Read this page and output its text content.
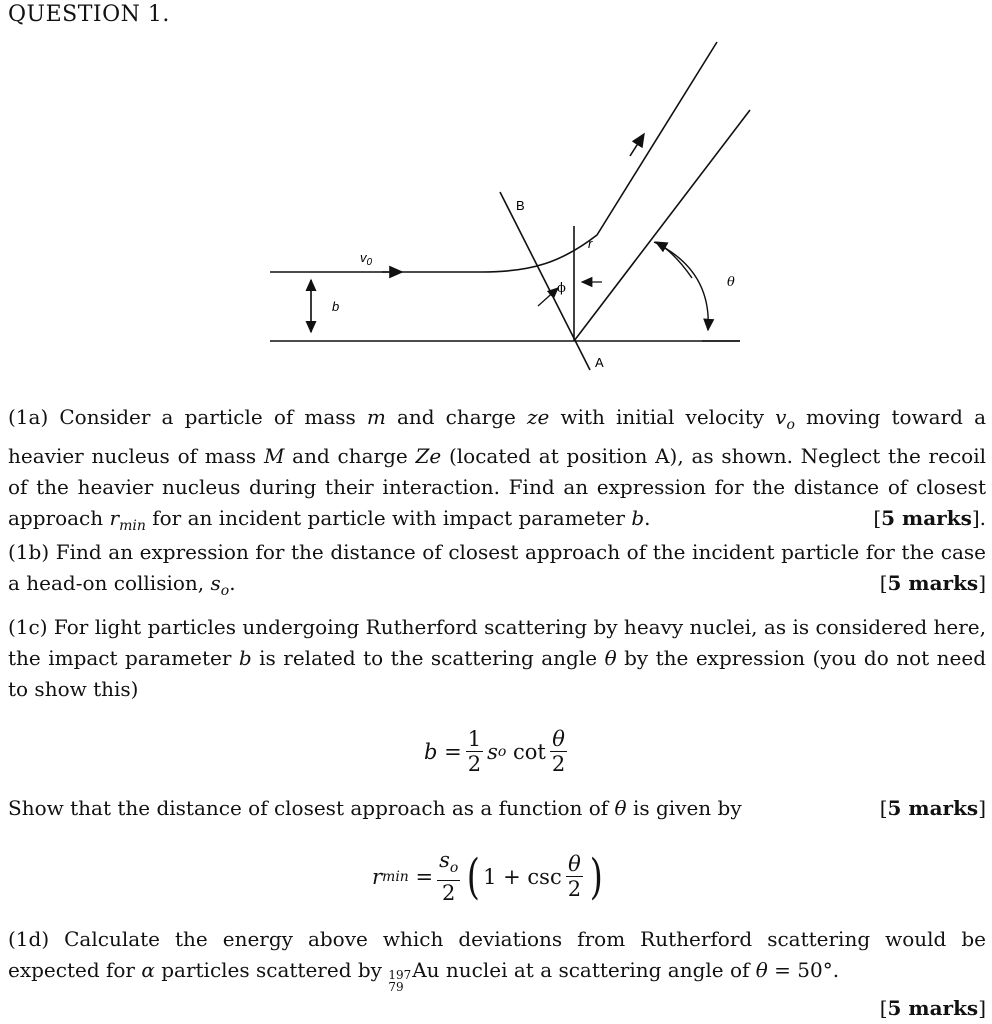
QUESTION 1.
$v_0$
b
B
r
ϕ	θ
A
(1a) Consider a particle of mass m and charge ze with initial velocity $v_o$ moving toward a heavier nucleus of mass M and charge Ze (located at position A), as shown. Neglect the recoil of the heavier nucleus during their interaction. Find an expression for the distance of closest approach $r_{min}$ for an incident particle with impact parameter b.	[5 marks].
(1b) Find an expression for the distance of closest approach of the incident particle for the case a head-on collision, $s_o$.	[5 marks]
(1c) For light particles undergoing Rutherford scattering by heavy nuclei, as is considered here, the impact parameter b is related to the scattering angle θ by the expression (you do not need to show this)
b
= $\frac{1}{2}$ s o
$\cot \frac{\theta}{2}$
Show that the distance of closest approach as a function of θ is given by	[5 marks]
r min
= $\frac{s_o}{2}$ ( 1 +
$\csc \frac{\theta}{2}$ )
(1d) Calculate the energy above which deviations from Rutherford scattering would be expected for α particles scattered by 197
79
Au nuclei at a scattering angle of θ = 50°.

[5 marks]
